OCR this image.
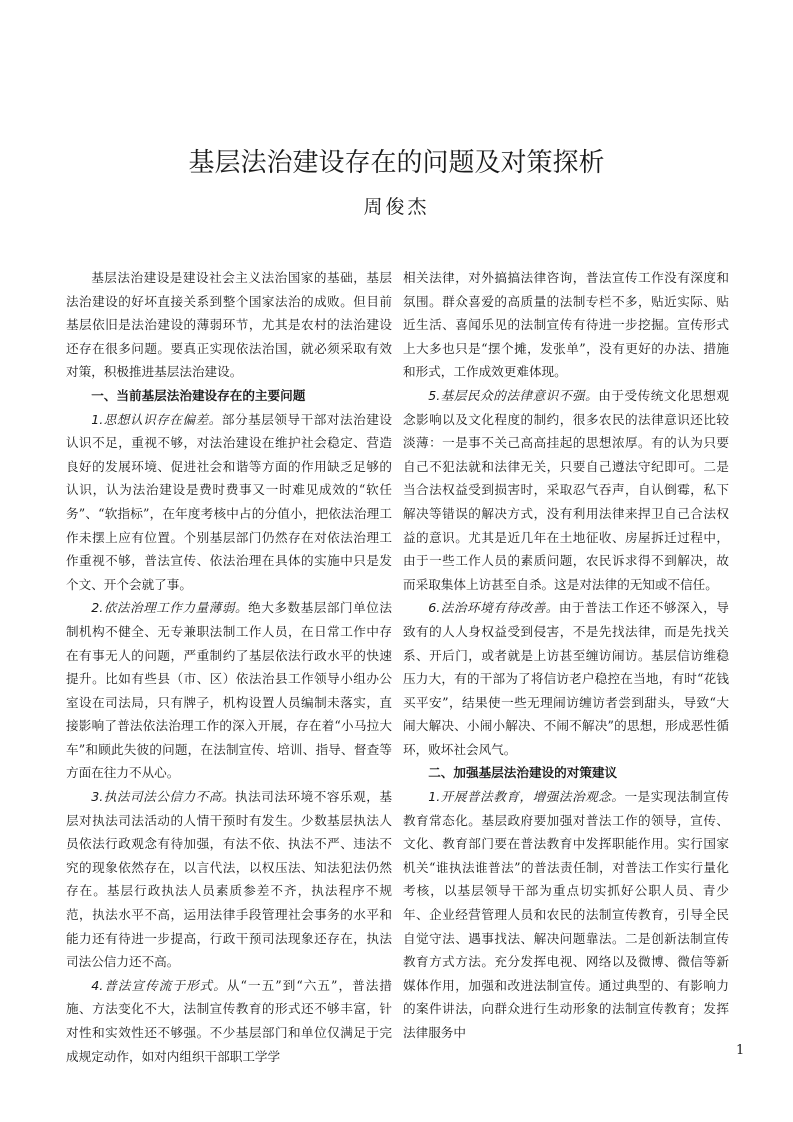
基层法治建设存在的问题及对策探析
周俊杰

基层法治建设是建设社会主义法治国家的基础，基层法治建设的好坏直接关系到整个国家法治的成败。但目前基层依旧是法治建设的薄弱环节，尤其是农村的法治建设还存在很多问题。要真正实现依法治国，就必须采取有效对策，积极推进基层法治建设。

一、当前基层法治建设存在的主要问题

1.思想认识存在偏差。部分基层领导干部对法治建设认识不足，重视不够，对法治建设在维护社会稳定、营造良好的发展环境、促进社会和谐等方面的作用缺乏足够的认识，认为法治建设是费时费事又一时难见成效的“软任务”、“软指标”，在年度考核中占的分值小，把依法治理工作未摆上应有位置。个别基层部门仍然存在对依法治理工作重视不够，普法宣传、依法治理在具体的实施中只是发个文、开个会就了事。

2.依法治理工作力量薄弱。绝大多数基层部门单位法制机构不健全、无专兼职法制工作人员，在日常工作中存在有事无人的问题，严重制约了基层依法行政水平的快速提升。比如有些县（市、区）依法治县工作领导小组办公室设在司法局，只有牌子，机构设置人员编制未落实，直接影响了普法依法治理工作的深入开展，存在着“小马拉大车”和顾此失彼的问题，在法制宣传、培训、指导、督查等方面在往力不从心。

3.执法司法公信力不高。执法司法环境不容乐观，基层对执法司法活动的人情干预时有发生。少数基层执法人员依法行政观念有待加强，有法不依、执法不严、违法不究的现象依然存在，以言代法，以权压法、知法犯法仍然存在。基层行政执法人员素质参差不齐，执法程序不规范，执法水平不高，运用法律手段管理社会事务的水平和能力还有待进一步提高，行政干预司法现象还存在，执法司法公信力还不高。

4.普法宣传流于形式。从“一五”到“六五”，普法措施、方法变化不大，法制宣传教育的形式还不够丰富，针对性和实效性还不够强。不少基层部门和单位仅满足于完成规定动作，如对内组织干部职工学学

相关法律，对外搞搞法律咨询，普法宣传工作没有深度和氛围。群众喜爱的高质量的法制专栏不多，贴近实际、贴近生活、喜闻乐见的法制宣传有待进一步挖掘。宣传形式上大多也只是“摆个摊，发张单”，没有更好的办法、措施和形式，工作成效更难体现。

5.基层民众的法律意识不强。由于受传统文化思想观念影响以及文化程度的制约，很多农民的法律意识还比较淡薄：一是事不关己高高挂起的思想浓厚。有的认为只要自己不犯法就和法律无关，只要自己遵法守纪即可。二是当合法权益受到损害时，采取忍气吞声，自认倒霉，私下解决等错误的解决方式，没有利用法律来捍卫自己合法权益的意识。尤其是近几年在土地征收、房屋拆迁过程中，由于一些工作人员的素质问题，农民诉求得不到解决，故而采取集体上访甚至自杀。这是对法律的无知或不信任。

6.法治环境有待改善。由于普法工作还不够深入，导致有的人人身权益受到侵害，不是先找法律，而是先找关系、开后门，或者就是上访甚至缠访闹访。基层信访维稳压力大，有的干部为了将信访老户稳控在当地，有时“花钱买平安”，结果使一些无理闹访缠访者尝到甜头，导致“大闹大解决、小闹小解决、不闹不解决”的思想，形成恶性循环，败坏社会风气。

二、加强基层法治建设的对策建议

1.开展普法教育，增强法治观念。一是实现法制宣传教育常态化。基层政府要加强对普法工作的领导，宣传、文化、教育部门要在普法教育中发挥职能作用。实行国家机关“谁执法谁普法”的普法责任制，对普法工作实行量化考核，以基层领导干部为重点切实抓好公职人员、青少年、企业经营管理人员和农民的法制宣传教育，引导全民自觉守法、遇事找法、解决问题靠法。二是创新法制宣传教育方式方法。充分发挥电视、网络以及微博、微信等新媒体作用，加强和改进法制宣传。通过典型的、有影响力的案件讲法，向群众进行生动形象的法制宣传教育；发挥法律服务中

1
